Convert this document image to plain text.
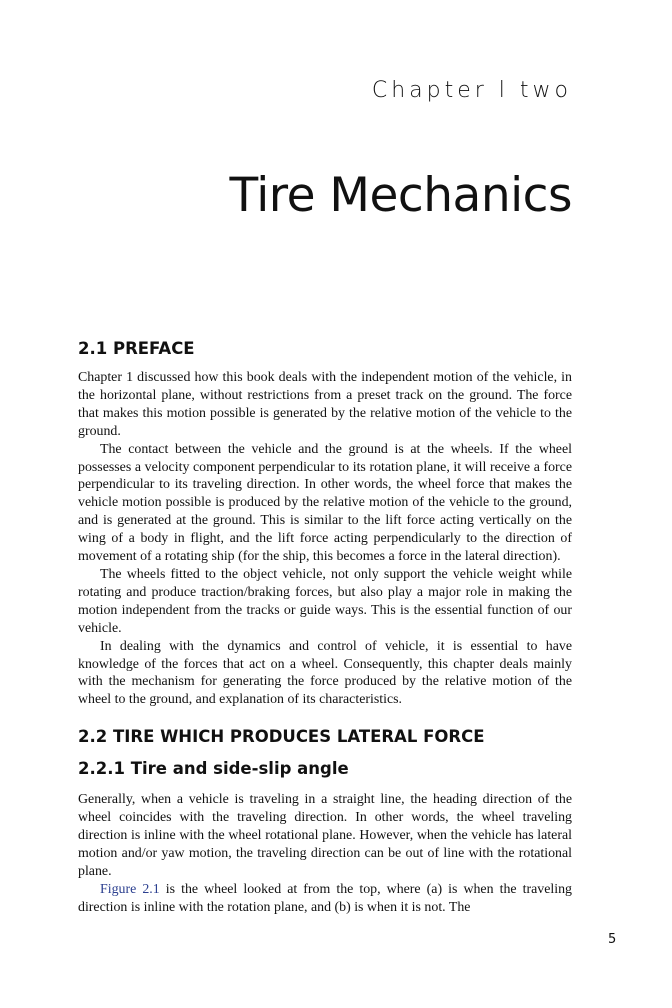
Chapter l two
Tire Mechanics
2.1 PREFACE

Chapter 1 discussed how this book deals with the independent motion of the vehicle, in the horizontal plane, without restrictions from a preset track on the ground. The force that makes this motion possible is generated by the relative motion of the vehicle to the ground.

The contact between the vehicle and the ground is at the wheels. If the wheel possesses a velocity component perpendicular to its rotation plane, it will receive a force perpendicular to its traveling direction. In other words, the wheel force that makes the vehicle motion possible is produced by the relative motion of the vehicle to the ground, and is generated at the ground. This is similar to the lift force acting vertically on the wing of a body in flight, and the lift force acting perpendicularly to the direction of movement of a rotating ship (for the ship, this becomes a force in the lateral direction).

The wheels fitted to the object vehicle, not only support the vehicle weight while rotating and produce traction/braking forces, but also play a major role in making the motion independent from the tracks or guide ways. This is the essential function of our vehicle.

In dealing with the dynamics and control of vehicle, it is essential to have knowledge of the forces that act on a wheel. Consequently, this chapter deals mainly with the mechanism for generating the force produced by the relative motion of the wheel to the ground, and explanation of its characteristics.

2.2 TIRE WHICH PRODUCES LATERAL FORCE
2.2.1 Tire and side-slip angle

Generally, when a vehicle is traveling in a straight line, the heading direction of the wheel coincides with the traveling direction. In other words, the wheel traveling direction is inline with the wheel rotational plane. However, when the vehicle has lateral motion and/or yaw motion, the traveling direction can be out of line with the rotational plane.

Figure 2.1 is the wheel looked at from the top, where (a) is when the traveling direction is inline with the rotation plane, and (b) is when it is not. The

5
